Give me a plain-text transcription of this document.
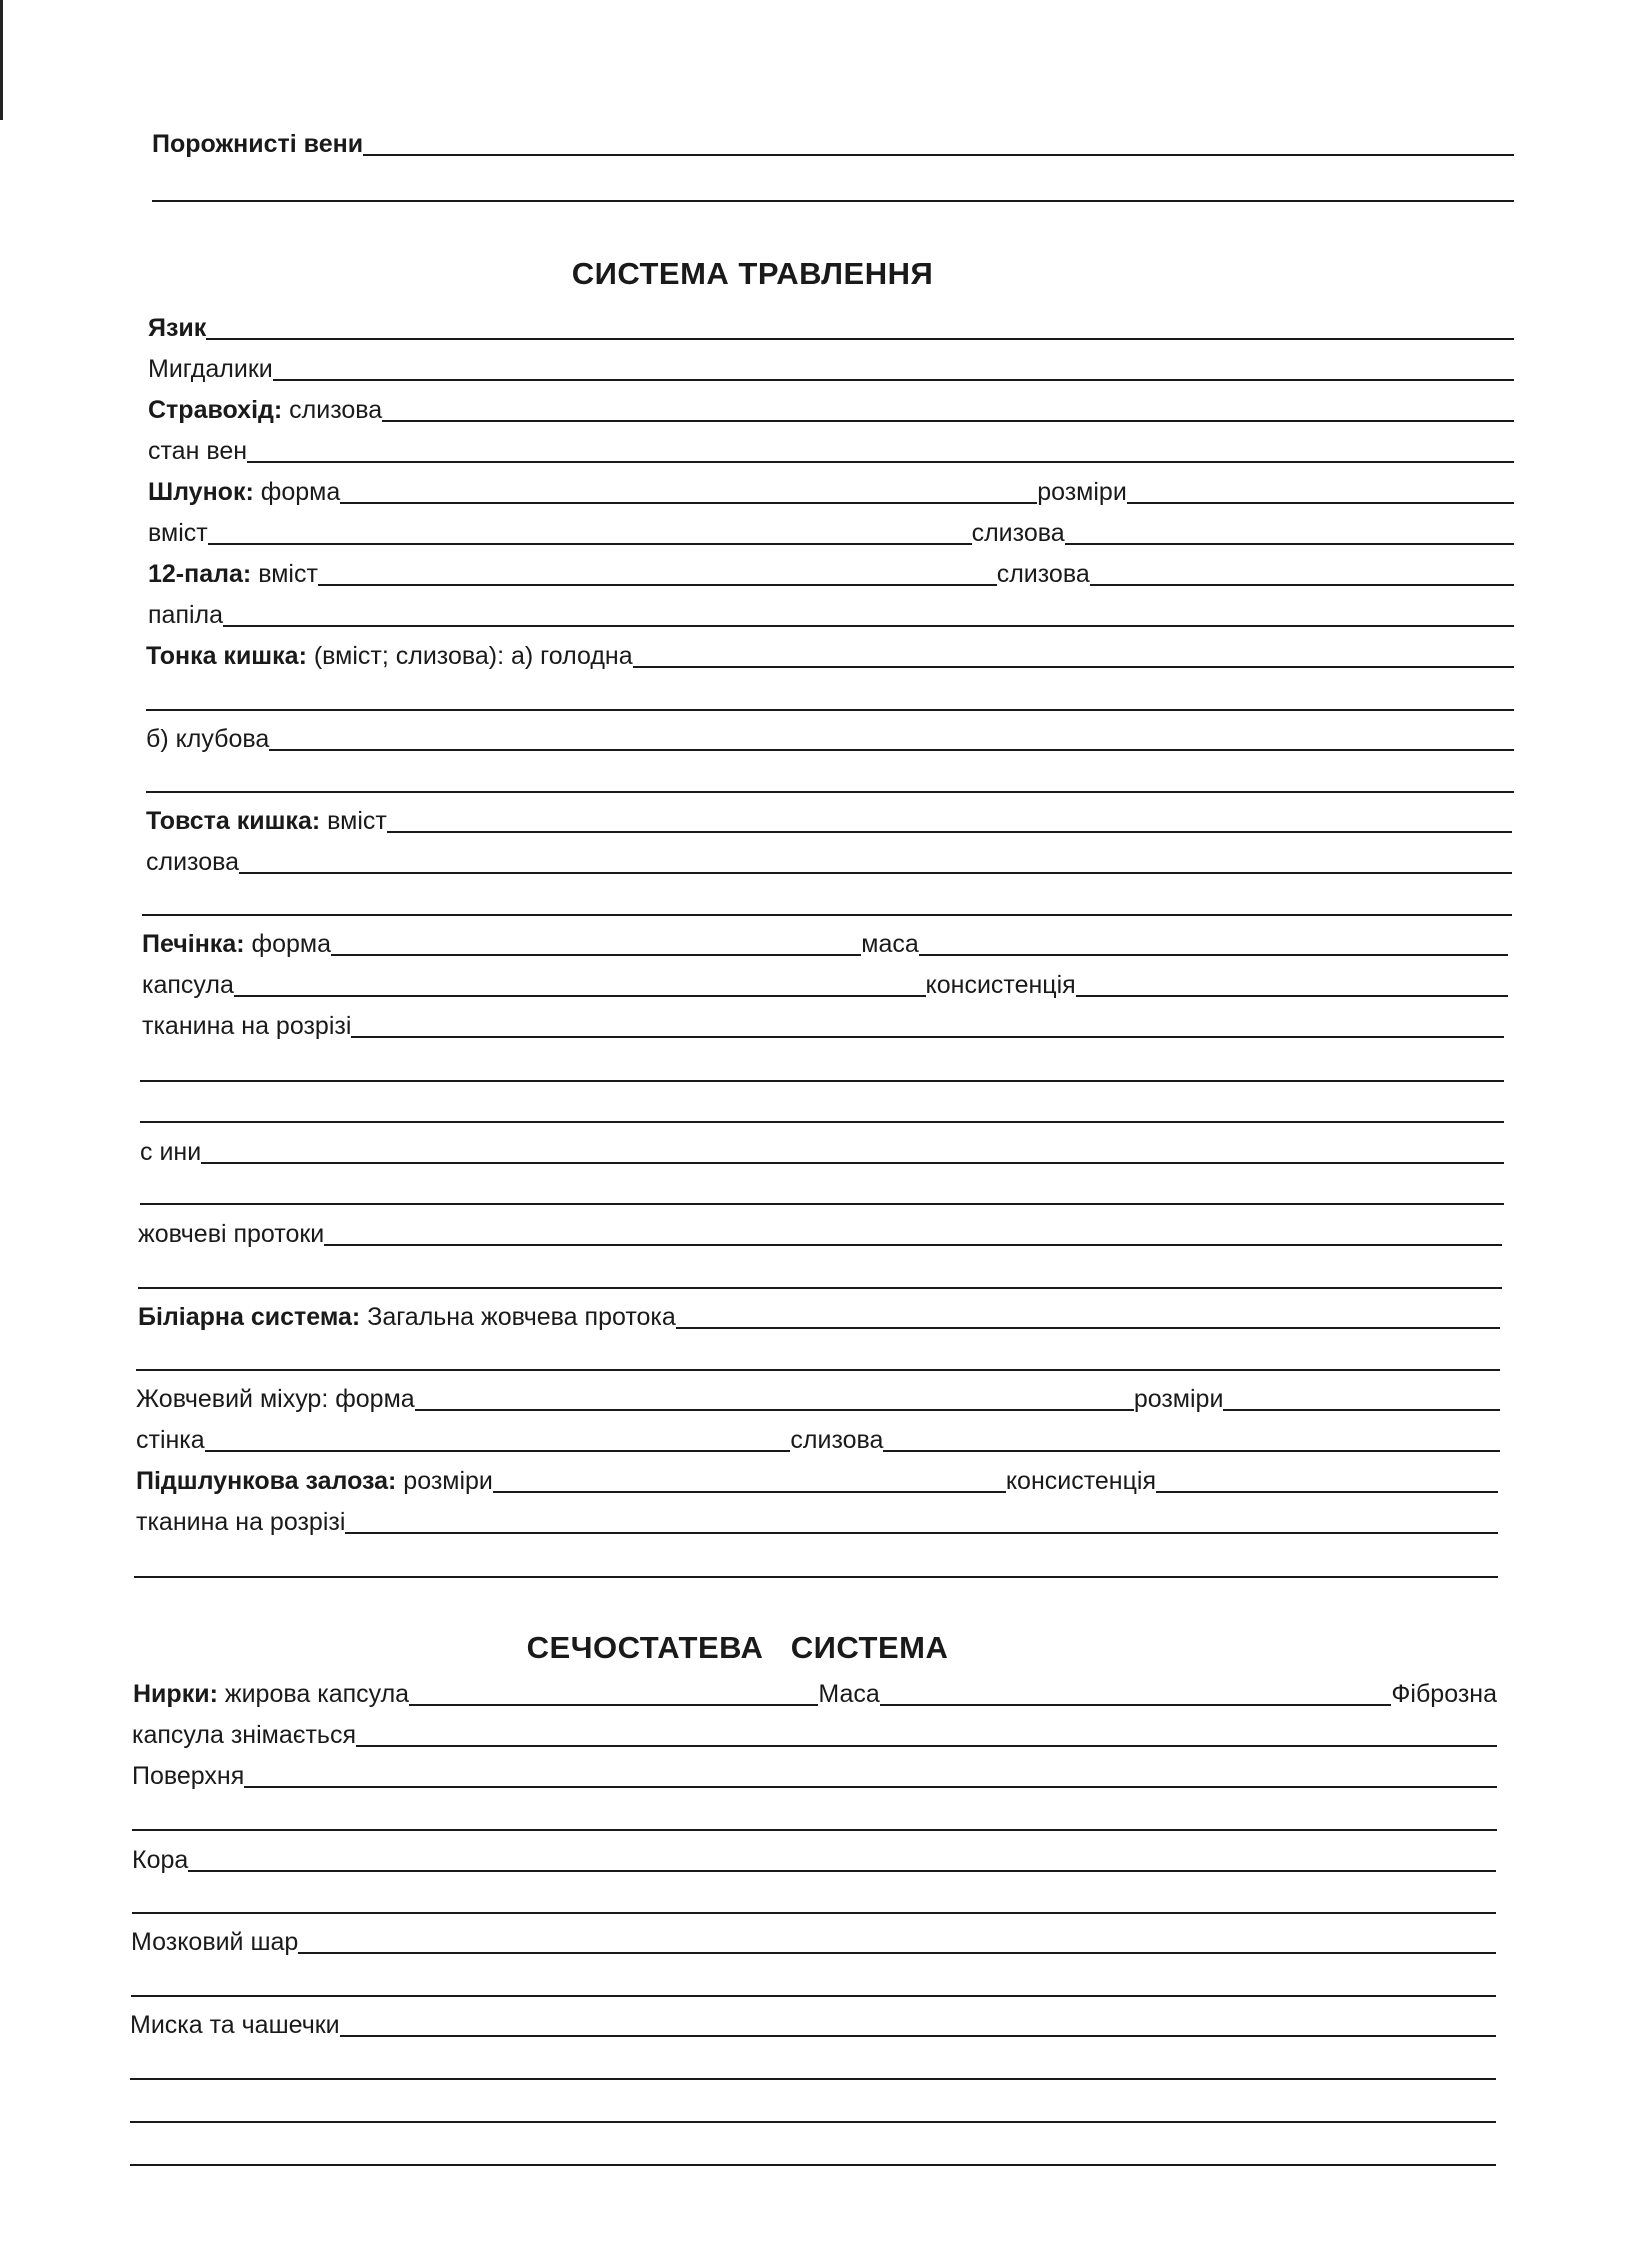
Порожнисті вени
СИСТЕМА ТРАВЛЕННЯ
Язик
Мигдалики
Стравохід: слизова
стан вен
Шлунок: форма	розміри
вміст	слизова
12-пала: вміст	слизова
папіла
Тонка кишка: (вміст; слизова): а) голодна
б) клубова
Товста кишка: вміст
слизова
Печінка: форма	маса
капсула	консистенція
тканина на розрізі
с ини
жовчеві протоки
Біліарна система: Загальна жовчева протока
Жовчевий міхур: форма	розміри
стінка	слизова
Підшлункова залоза: розміри	консистенція
тканина на розрізі
СЕЧОСТАТЕВА   СИСТЕМА
Нирки: жирова капсула	Маса	Фіброзна
капсула знімається
Поверхня
Кора
Мозковий шар
Миска та чашечки
